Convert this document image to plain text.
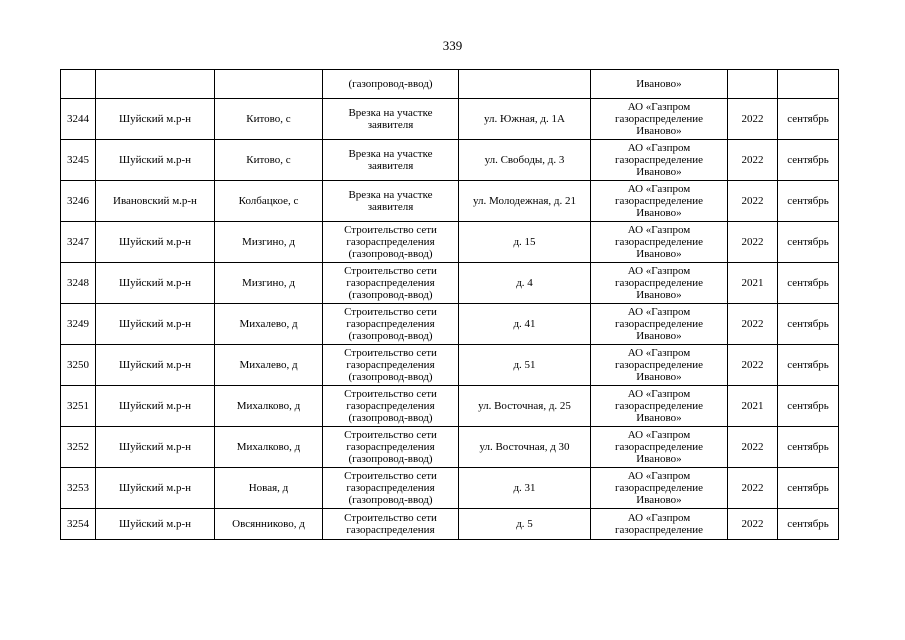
339
			(газопровод-ввод)		Иваново»		
3244	Шуйский м.р-н	Китово, с	Врезка на участке заявителя	ул. Южная, д. 1А	АО «Газпром газораспределение Иваново»	2022	сентябрь
3245	Шуйский м.р-н	Китово, с	Врезка на участке заявителя	ул. Свободы, д. 3	АО «Газпром газораспределение Иваново»	2022	сентябрь
3246	Ивановский м.р-н	Колбацкое, с	Врезка на участке заявителя	ул. Молодежная, д. 21	АО «Газпром газораспределение Иваново»	2022	сентябрь
3247	Шуйский м.р-н	Мизгино, д	Строительство сети газораспределения (газопровод-ввод)	д. 15	АО «Газпром газораспределение Иваново»	2022	сентябрь
3248	Шуйский м.р-н	Мизгино, д	Строительство сети газораспределения (газопровод-ввод)	д. 4	АО «Газпром газораспределение Иваново»	2021	сентябрь
3249	Шуйский м.р-н	Михалево, д	Строительство сети газораспределения (газопровод-ввод)	д. 41	АО «Газпром газораспределение Иваново»	2022	сентябрь
3250	Шуйский м.р-н	Михалево, д	Строительство сети газораспределения (газопровод-ввод)	д. 51	АО «Газпром газораспределение Иваново»	2022	сентябрь
3251	Шуйский м.р-н	Михалково, д	Строительство сети газораспределения (газопровод-ввод)	ул. Восточная, д. 25	АО «Газпром газораспределение Иваново»	2021	сентябрь
3252	Шуйский м.р-н	Михалково, д	Строительство сети газораспределения (газопровод-ввод)	ул. Восточная, д 30	АО «Газпром газораспределение Иваново»	2022	сентябрь
3253	Шуйский м.р-н	Новая, д	Строительство сети газораспределения (газопровод-ввод)	д. 31	АО «Газпром газораспределение Иваново»	2022	сентябрь
3254	Шуйский м.р-н	Овсянниково, д	Строительство сети газораспределения	д. 5	АО «Газпром газораспределение	2022	сентябрь
